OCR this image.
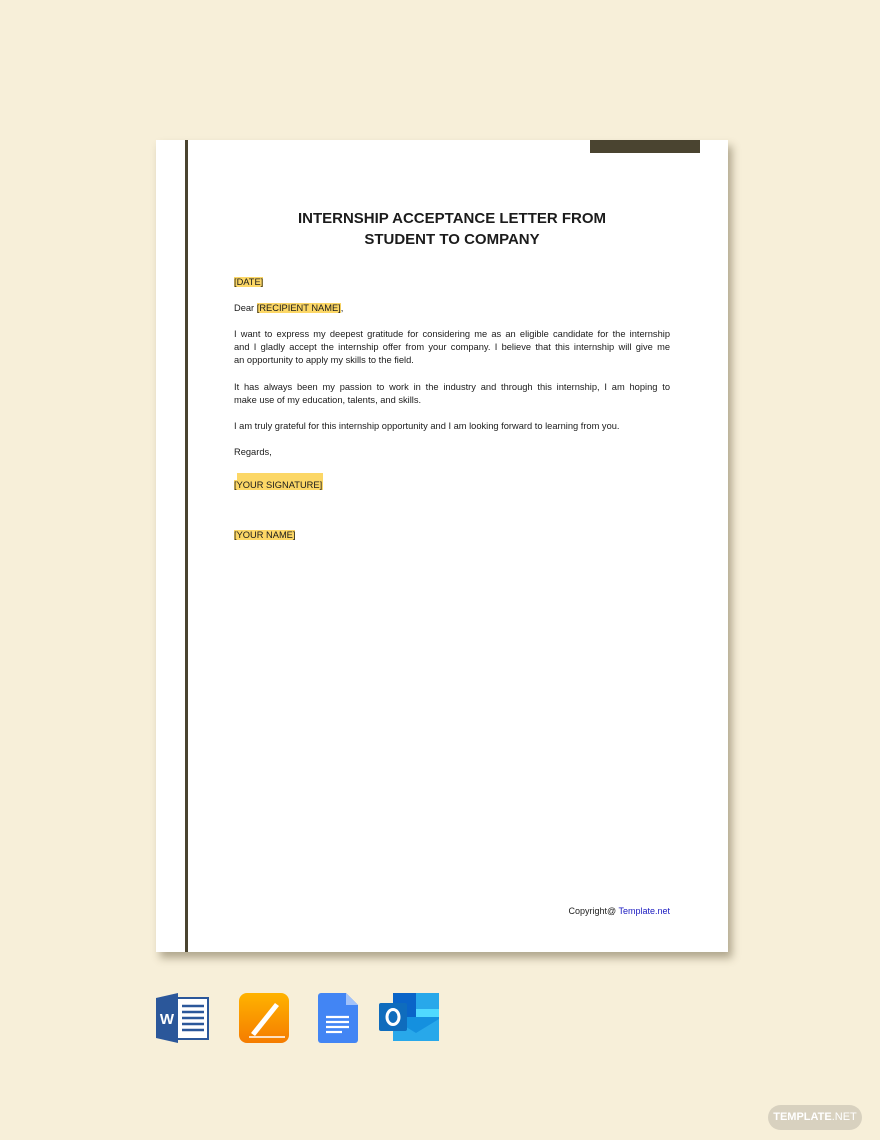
INTERNSHIP ACCEPTANCE LETTER FROM
STUDENT TO COMPANY
[DATE]
Dear [RECIPIENT NAME],
I want to express my deepest gratitude for considering me as an eligible candidate for the internship
and I gladly accept the internship offer from your company. I believe that this internship will give me
an opportunity to apply my skills to the field.
It has always been my passion to work in the industry and through this internship, I am hoping to
make use of my education, talents, and skills.
I am truly grateful for this internship opportunity and I am looking forward to learning from you.
Regards,
[YOUR SIGNATURE]
[YOUR NAME]
Copyright@ Template.net
W
TEMPLATE.NET
